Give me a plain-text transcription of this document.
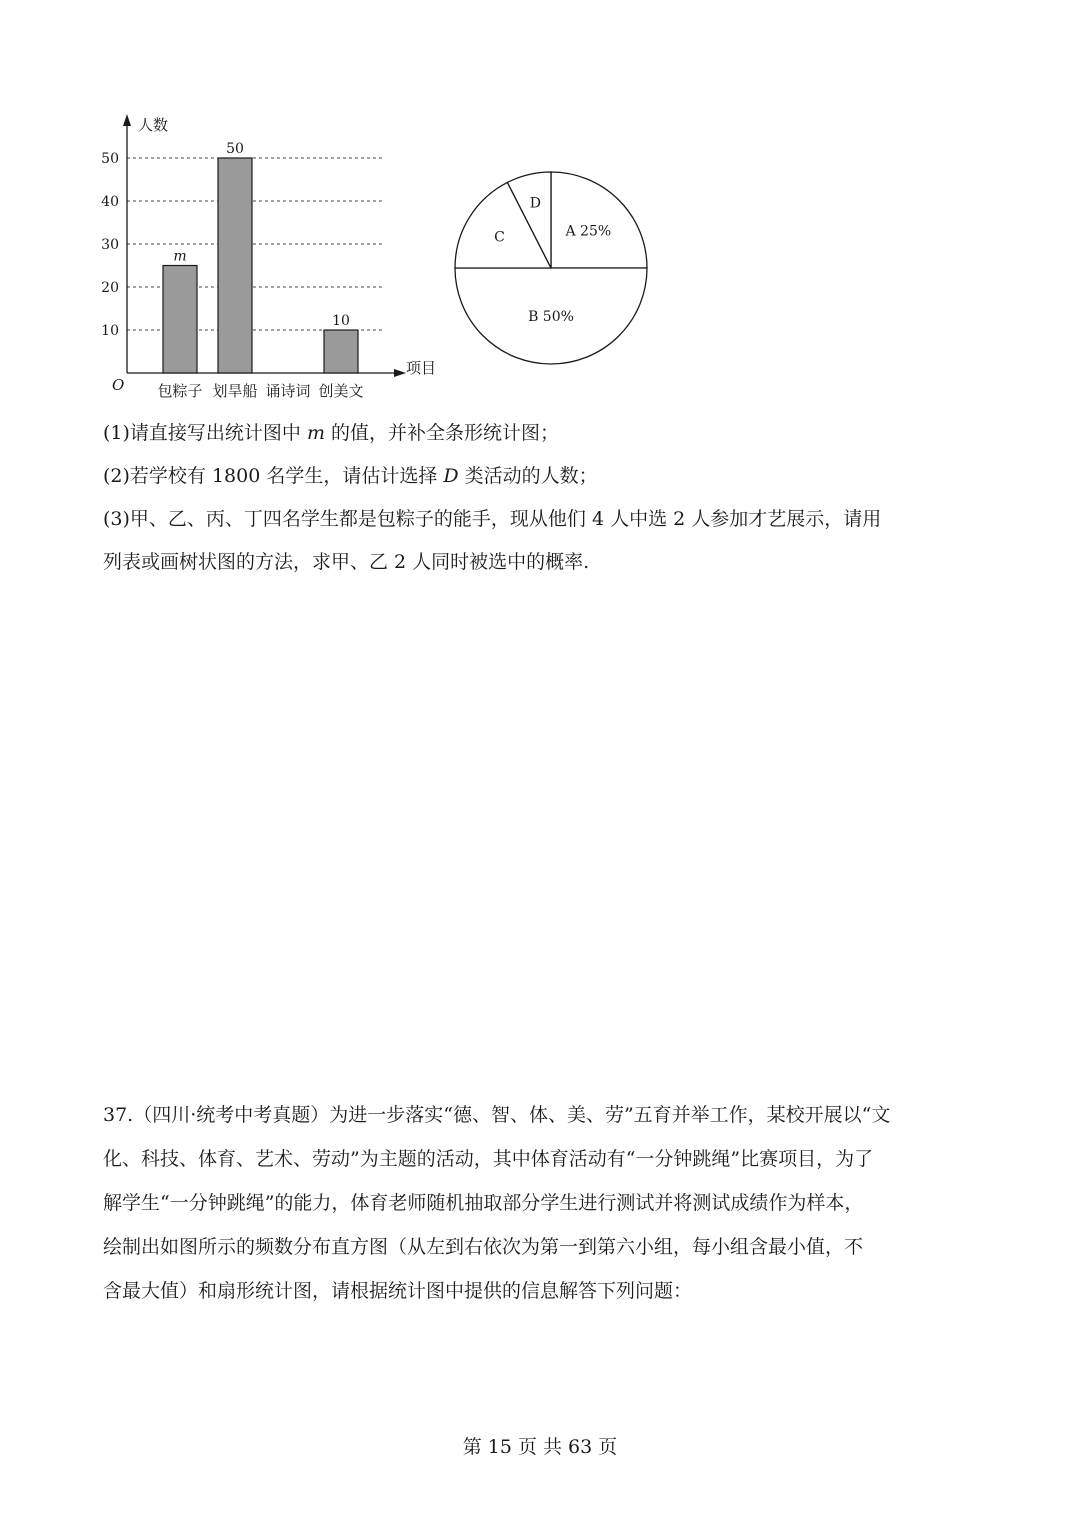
10
20
30
40
50
人数
项目
O 包粽子
m
划旱船
50
诵诗词 创美文
10
A 25%
B 50%
C
D

(1)请直接写出统计图中 m 的值，并补全条形统计图；

(2)若学校有 1800 名学生，请估计选择 D 类活动的人数；

(3)甲、乙、丙、丁四名学生都是包粽子的能手，现从他们 4 人中选 2 人参加才艺展示，请用

列表或画树状图的方法，求甲、乙 2 人同时被选中的概率.

37.（四川·统考中考真题）为进一步落实“德、智、体、美、劳”五育并举工作，某校开展以“文

化、科技、体育、艺术、劳动”为主题的活动，其中体育活动有“一分钟跳绳”比赛项目，为了

解学生“一分钟跳绳”的能力，体育老师随机抽取部分学生进行测试并将测试成绩作为样本，

绘制出如图所示的频数分布直方图（从左到右依次为第一到第六小组，每小组含最小值，不

含最大值）和扇形统计图，请根据统计图中提供的信息解答下列问题：

第 15 页 共 63 页
